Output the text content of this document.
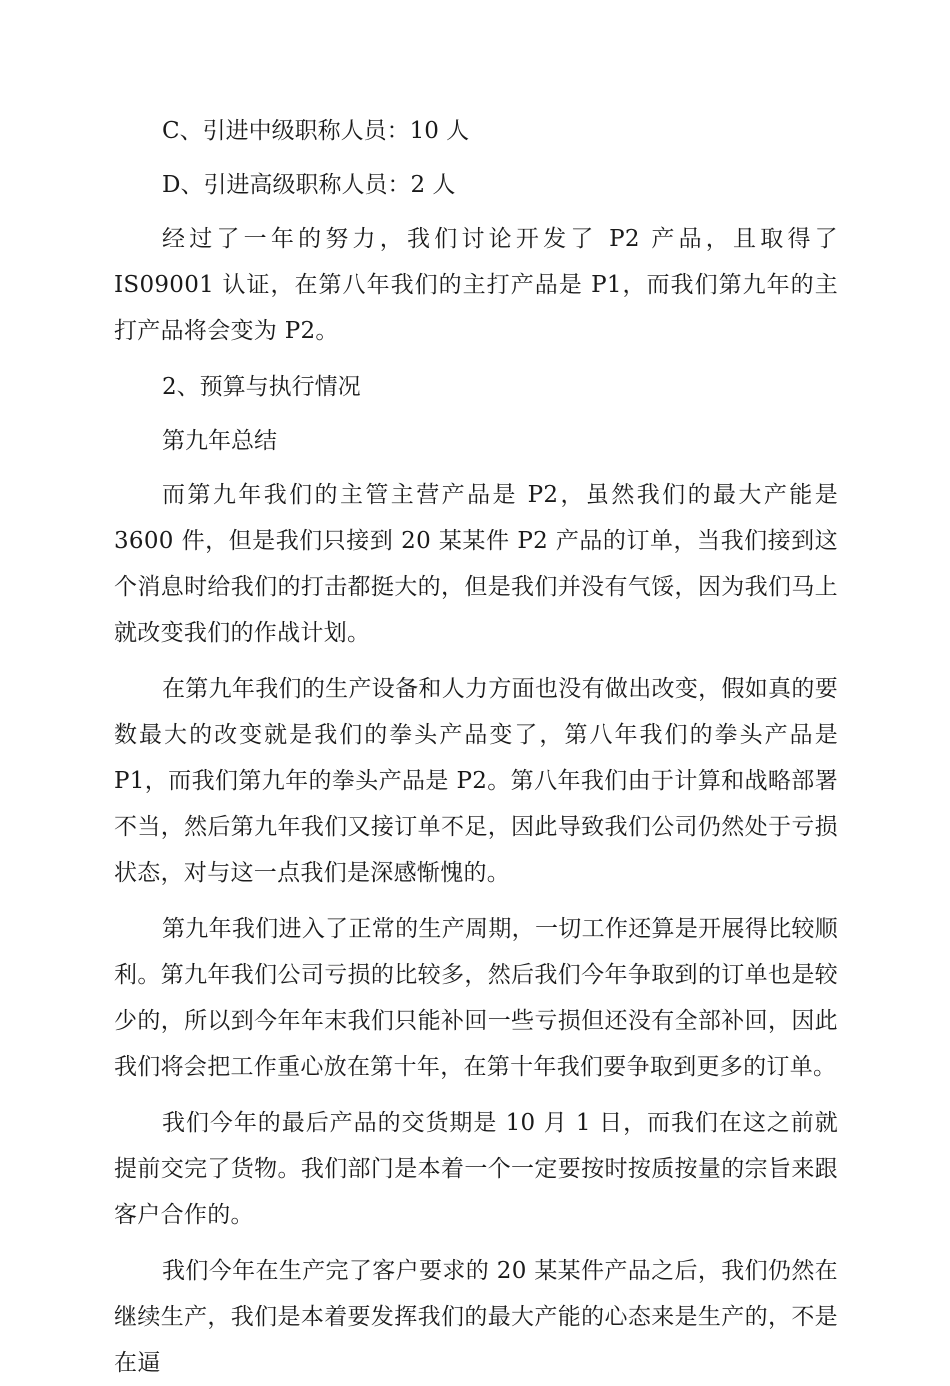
C、引进中级职称人员：10 人

D、引进高级职称人员：2 人

经过了一年的努力，我们讨论开发了 P2 产品，且取得了 IS09001 认证，在第八年我们的主打产品是 P1，而我们第九年的主打产品将会变为 P2。

2、预算与执行情况

第九年总结

而第九年我们的主管主营产品是 P2，虽然我们的最大产能是 3600 件，但是我们只接到 20 某某件 P2 产品的订单，当我们接到这个消息时给我们的打击都挺大的，但是我们并没有气馁，因为我们马上就改变我们的作战计划。

在第九年我们的生产设备和人力方面也没有做出改变，假如真的要数最大的改变就是我们的拳头产品变了，第八年我们的拳头产品是 P1，而我们第九年的拳头产品是 P2。第八年我们由于计算和战略部署不当，然后第九年我们又接订单不足，因此导致我们公司仍然处于亏损状态，对与这一点我们是深感惭愧的。

第九年我们进入了正常的生产周期，一切工作还算是开展得比较顺利。第九年我们公司亏损的比较多，然后我们今年争取到的订单也是较少的，所以到今年年末我们只能补回一些亏损但还没有全部补回，因此我们将会把工作重心放在第十年，在第十年我们要争取到更多的订单。

我们今年的最后产品的交货期是 10 月 1 日，而我们在这之前就提前交完了货物。我们部门是本着一个一定要按时按质按量的宗旨来跟客户合作的。

我们今年在生产完了客户要求的 20 某某件产品之后，我们仍然在继续生产，我们是本着要发挥我们的最大产能的心态来是生产的，不是在逼
